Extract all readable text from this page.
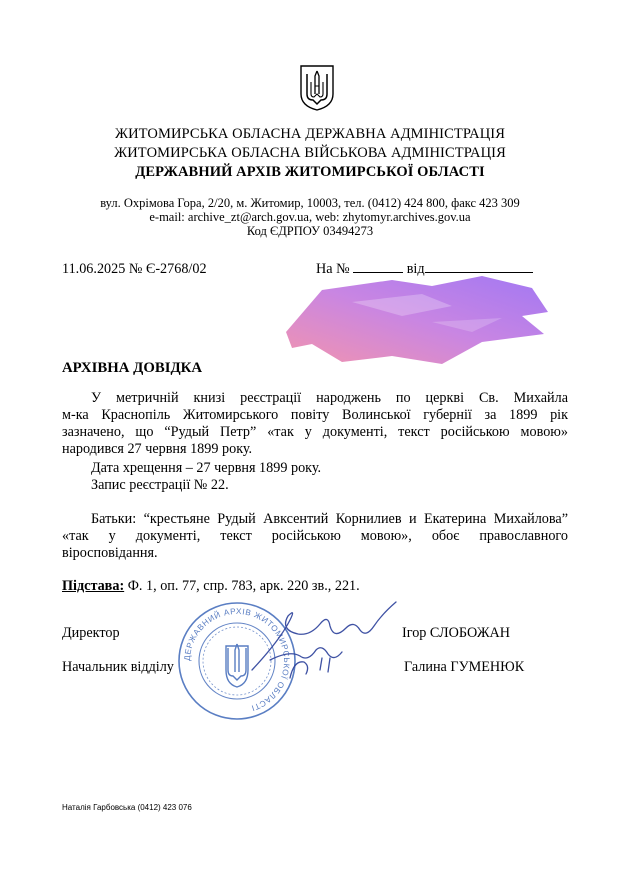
ЖИТОМИРСЬКА ОБЛАСНА ДЕРЖАВНА АДМІНІСТРАЦІЯ
ЖИТОМИРСЬКА ОБЛАСНА ВІЙСЬКОВА АДМІНІСТРАЦІЯ
ДЕРЖАВНИЙ АРХІВ ЖИТОМИРСЬКОЇ ОБЛАСТІ
вул. Охрімова Гора, 2/20, м. Житомир, 10003, тел. (0412) 424 800, факс 423 309
e-mail: archive_zt@arch.gov.ua, web: zhytomyr.archives.gov.ua
Код ЄДРПОУ 03494273
11.06.2025 № Є-2768/02	На №	від
АРХІВНА ДОВІДКА
У метричній книзі реєстрації народжень по церкві Св. Михайла
м-ка Краснопіль Житомирського повіту Волинської губернії за 1899 рік
зазначено, що “Рудый Петр” «так у документі, текст російською мовою»
народився 27 червня 1899 року.
Дата хрещення – 27 червня 1899 року.
Запис реєстрації № 22.
Батьки: “крестьяне Рудый Авксентий Корнилиев и Екатерина Михайлова”
«так у документі, текст російською мовою», обоє православного
віросповідання.
Підстава: Ф. 1, оп. 77, спр. 783, арк. 220 зв., 221.
ДЕРЖАВНИЙ АРХІВ ЖИТОМИРСЬКОЇ ОБЛАСТІ
Директор	Ігор СЛОБОЖАН
Начальник відділу	Галина ГУМЕНЮК
Наталія Гарбовська (0412) 423 076
